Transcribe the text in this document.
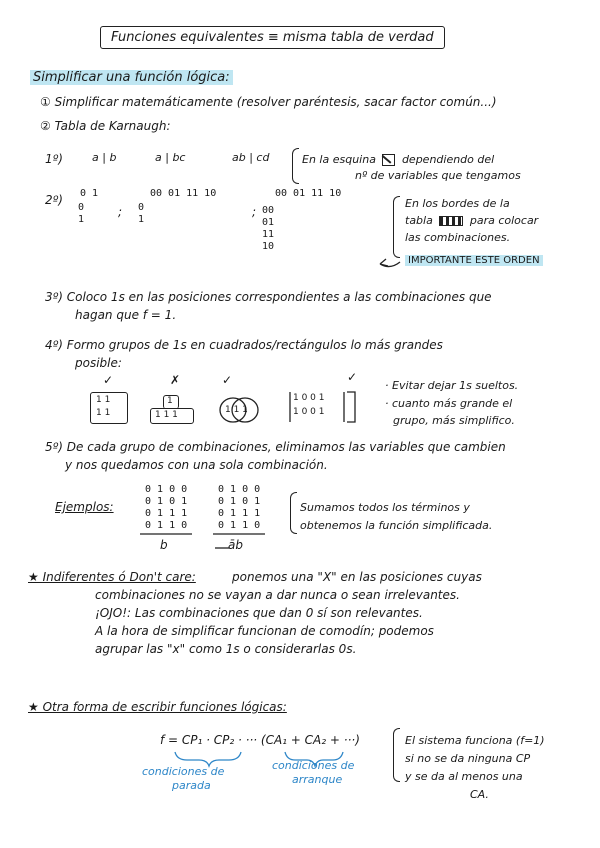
Funciones equivalentes ≡ misma tabla de verdad
Simplificar una función lógica:
① Simplificar matemáticamente (resolver paréntesis, sacar factor común...)
② Tabla de Karnaugh:
1º)	a | b	a | bc	ab | cd	En la esquina dependiendo del
nº de variables que tengamos
2º) 0 1
0
1
;
00 01 11 10
0
1
;
00 01 11 10
00
01
11
10
En los bordes de la
tabla	para colocar
las combinaciones.
IMPORTANTE ESTE ORDEN
3º) Coloco 1s en las posiciones correspondientes a las combinaciones que
hagan que f = 1.
4º) Formo grupos de 1s en cuadrados/rectángulos lo más grandes
posible:
✓	✗	✓	✓
1 1
1 1	1 1 1
1
1 1 1
1 0 0 1
1 0 0 1
· Evitar dejar 1s sueltos.
· cuanto más grande el
grupo, más simplifico.
5º) De cada grupo de combinaciones, eliminamos las variables que cambien
y nos quedamos con una sola combinación.
Ejemplos:
0 1 0 0
0 1 0 1
0 1 1 1
0 1 1 0
b
0 1 0 0
0 1 0 1
0 1 1 1
0 1 1 0
āb
Sumamos todos los términos y
obtenemos la función simplificada.
★ Indiferentes ó Don't care:	ponemos una "X" en las posiciones cuyas
combinaciones no se vayan a dar nunca o sean irrelevantes.
¡OJO!: Las combinaciones que dan 0 sí son relevantes.
A la hora de simplificar funcionan de comodín; podemos
agrupar las "x" como 1s o considerarlas 0s.
★ Otra forma de escribir funciones lógicas:
f = CP₁ · CP₂ · ··· (CA₁ + CA₂ + ···)
condiciones de
parada
condiciones de
arranque
El sistema funciona (f=1)
si no se da ninguna CP
y se da al menos una
CA.
